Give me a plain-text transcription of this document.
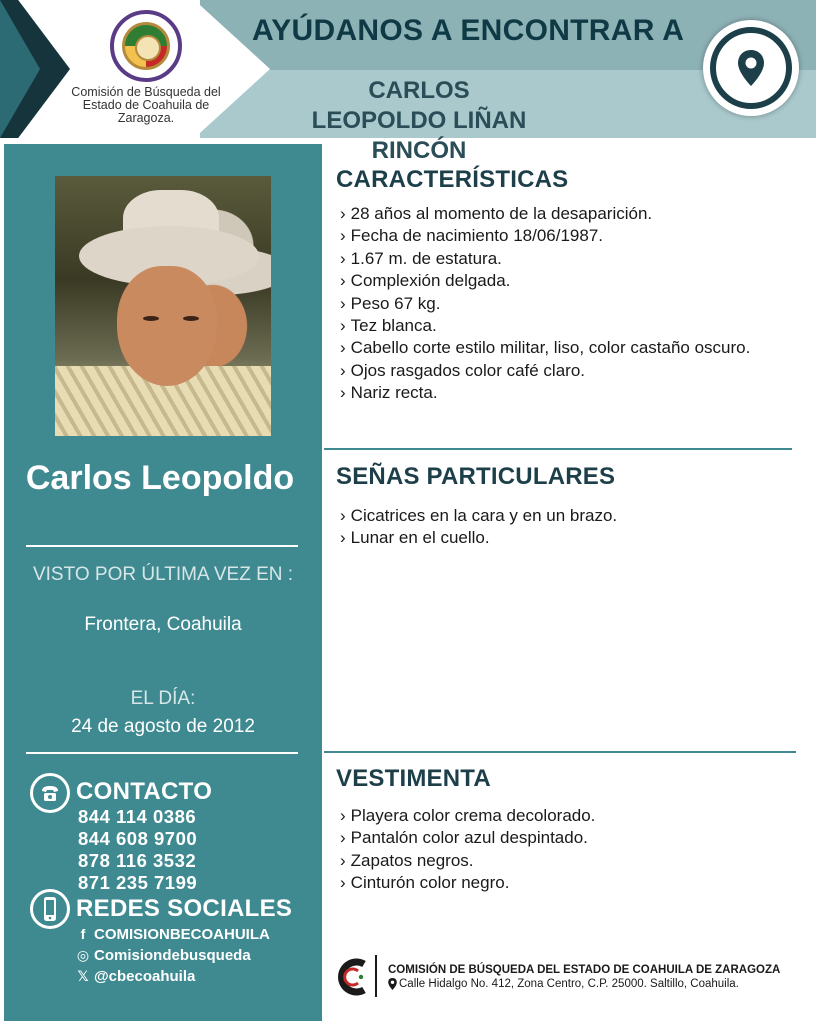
Comisión de Búsqueda del Estado de Coahuila de Zaragoza.
AYÚDANOS A ENCONTRAR A
CARLOS LEOPOLDO LIÑAN RINCÓN
Carlos Leopoldo
VISTO POR ÚLTIMA VEZ EN :
Frontera, Coahuila
EL DÍA:
24 de agosto de 2012
CONTACTO
844 114 0386
844 608 9700
878 116 3532
871 235 7199
REDES SOCIALES
f COMISIONBECOAHUILA
◎ Comisiondebusqueda
𝕏 @cbecoahuila
CARACTERÍSTICAS
› 28 años al momento de la desaparición.
› Fecha de nacimiento 18/06/1987.
› 1.67 m. de estatura.
› Complexión delgada.
› Peso 67 kg.
› Tez blanca.
› Cabello corte estilo militar, liso, color castaño oscuro.
› Ojos rasgados color café claro.
› Nariz recta.
SEÑAS PARTICULARES
› Cicatrices en la cara y en un brazo.
› Lunar en el cuello.
VESTIMENTA
› Playera color crema decolorado.
› Pantalón color azul despintado.
› Zapatos negros.
› Cinturón color negro.
COMISIÓN DE BÚSQUEDA DEL ESTADO DE COAHUILA DE ZARAGOZA
Calle Hidalgo No. 412, Zona Centro, C.P. 25000. Saltillo, Coahuila.
